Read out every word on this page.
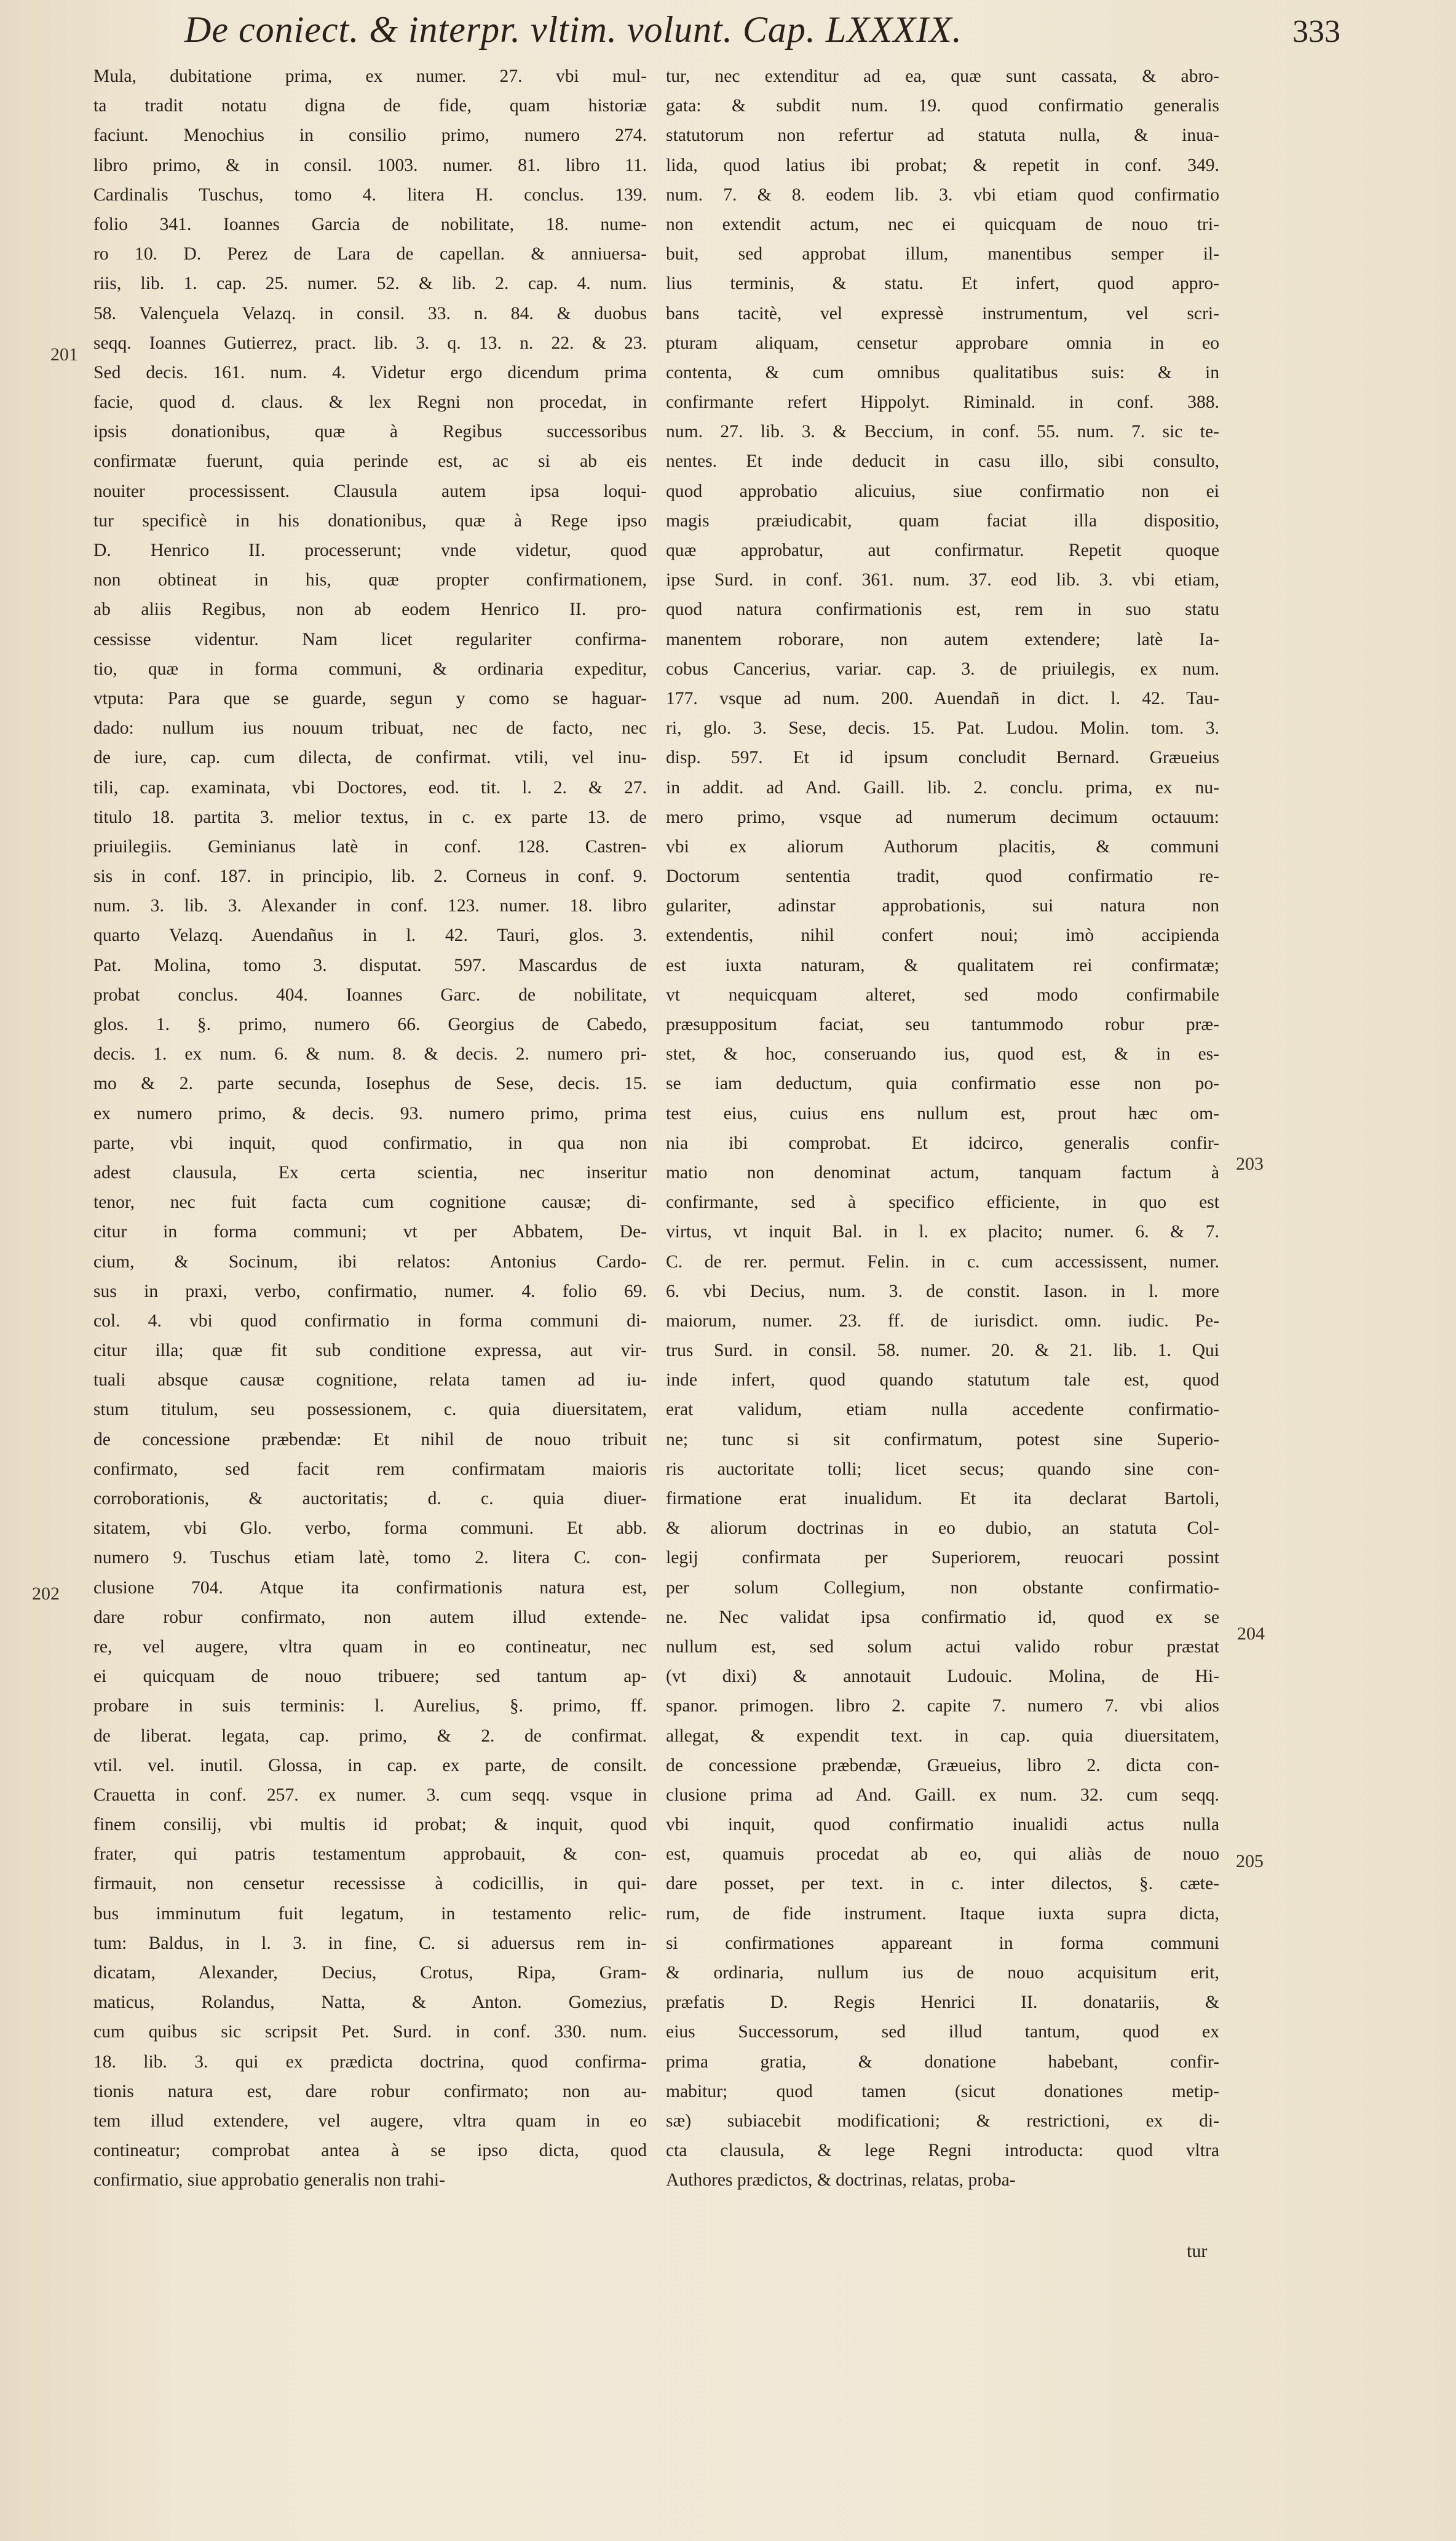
De coniect. & interpr. vltim. volunt. Cap. LXXXIX.	333
Mula, dubitatione prima, ex numer. 27. vbi mul-
ta tradit notatu digna de fide, quam historiæ
faciunt. Menochius in consilio primo, numero 274.
libro primo, & in consil. 1003. numer. 81. libro 11.
Cardinalis Tuschus, tomo 4. litera H. conclus. 139.
folio 341. Ioannes Garcia de nobilitate, 18. nume-
ro 10. D. Perez de Lara de capellan. & anniuersa-
riis, lib. 1. cap. 25. numer. 52. & lib. 2. cap. 4. num.
58. Valençuela Velazq. in consil. 33. n. 84. & duobus
seqq. Ioannes Gutierrez, pract. lib. 3. q. 13. n. 22. & 23.
Sed decis. 161. num. 4. Videtur ergo dicendum prima
facie, quod d. claus. & lex Regni non procedat, in
ipsis donationibus, quæ à Regibus successoribus
confirmatæ fuerunt, quia perinde est, ac si ab eis
nouiter processissent. Clausula autem ipsa loqui-
tur specificè in his donationibus, quæ à Rege ipso
D. Henrico II. processerunt; vnde videtur, quod
non obtineat in his, quæ propter confirmationem,
ab aliis Regibus, non ab eodem Henrico II. pro-
cessisse videntur. Nam licet regulariter confirma-
tio, quæ in forma communi, & ordinaria expeditur,
vtputa: Para que se guarde, segun y como se haguar-
dado: nullum ius nouum tribuat, nec de facto, nec
de iure, cap. cum dilecta, de confirmat. vtili, vel inu-
tili, cap. examinata, vbi Doctores, eod. tit. l. 2. & 27.
titulo 18. partita 3. melior textus, in c. ex parte 13. de
priuilegiis. Geminianus latè in conf. 128. Castren-
sis in conf. 187. in principio, lib. 2. Corneus in conf. 9.
num. 3. lib. 3. Alexander in conf. 123. numer. 18. libro
quarto Velazq. Auendañus in l. 42. Tauri, glos. 3.
Pat. Molina, tomo 3. disputat. 597. Mascardus de
probat conclus. 404. Ioannes Garc. de nobilitate,
glos. 1. §. primo, numero 66. Georgius de Cabedo,
decis. 1. ex num. 6. & num. 8. & decis. 2. numero pri-
mo & 2. parte secunda, Iosephus de Sese, decis. 15.
ex numero primo, & decis. 93. numero primo, prima
parte, vbi inquit, quod confirmatio, in qua non
adest clausula, Ex certa scientia, nec inseritur
tenor, nec fuit facta cum cognitione causæ; di-
citur in forma communi; vt per Abbatem, De-
cium, & Socinum, ibi relatos: Antonius Cardo-
sus in praxi, verbo, confirmatio, numer. 4. folio 69.
col. 4. vbi quod confirmatio in forma communi di-
citur illa; quæ fit sub conditione expressa, aut vir-
tuali absque causæ cognitione, relata tamen ad iu-
stum titulum, seu possessionem, c. quia diuersitatem,
de concessione præbendæ: Et nihil de nouo tribuit
confirmato, sed facit rem confirmatam maioris
corroborationis, & auctoritatis; d. c. quia diuer-
sitatem, vbi Glo. verbo, forma communi. Et abb.
numero 9. Tuschus etiam latè, tomo 2. litera C. con-
clusione 704. Atque ita confirmationis natura est,
dare robur confirmato, non autem illud extende-
re, vel augere, vltra quam in eo contineatur, nec
ei quicquam de nouo tribuere; sed tantum ap-
probare in suis terminis: l. Aurelius, §. primo, ff.
de liberat. legata, cap. primo, & 2. de confirmat.
vtil. vel. inutil. Glossa, in cap. ex parte, de consilt.
Crauetta in conf. 257. ex numer. 3. cum seqq. vsque in
finem consilij, vbi multis id probat; & inquit, quod
frater, qui patris testamentum approbauit, & con-
firmauit, non censetur recessisse à codicillis, in qui-
bus imminutum fuit legatum, in testamento relic-
tum: Baldus, in l. 3. in fine, C. si aduersus rem in-
dicatam, Alexander, Decius, Crotus, Ripa, Gram-
maticus, Rolandus, Natta, & Anton. Gomezius,
cum quibus sic scripsit Pet. Surd. in conf. 330. num.
18. lib. 3. qui ex prædicta doctrina, quod confirma-
tionis natura est, dare robur confirmato; non au-
tem illud extendere, vel augere, vltra quam in eo
contineatur; comprobat antea à se ipso dicta, quod
confirmatio, siue approbatio generalis non trahi-
tur, nec extenditur ad ea, quæ sunt cassata, & abro-
gata: & subdit num. 19. quod confirmatio generalis
statutorum non refertur ad statuta nulla, & inua-
lida, quod latius ibi probat; & repetit in conf. 349.
num. 7. & 8. eodem lib. 3. vbi etiam quod confirmatio
non extendit actum, nec ei quicquam de nouo tri-
buit, sed approbat illum, manentibus semper il-
lius terminis, & statu. Et infert, quod appro-
bans tacitè, vel expressè instrumentum, vel scri-
pturam aliquam, censetur approbare omnia in eo
contenta, & cum omnibus qualitatibus suis: & in
confirmante refert Hippolyt. Riminald. in conf. 388.
num. 27. lib. 3. & Beccium, in conf. 55. num. 7. sic te-
nentes. Et inde deducit in casu illo, sibi consulto,
quod approbatio alicuius, siue confirmatio non ei
magis præiudicabit, quam faciat illa dispositio,
quæ approbatur, aut confirmatur. Repetit quoque
ipse Surd. in conf. 361. num. 37. eod lib. 3. vbi etiam,
quod natura confirmationis est, rem in suo statu
manentem roborare, non autem extendere; latè Ia-
cobus Cancerius, variar. cap. 3. de priuilegis, ex num.
177. vsque ad num. 200. Auendañ in dict. l. 42. Tau-
ri, glo. 3. Sese, decis. 15. Pat. Ludou. Molin. tom. 3.
disp. 597. Et id ipsum concludit Bernard. Græueius
in addit. ad And. Gaill. lib. 2. conclu. prima, ex nu-
mero primo, vsque ad numerum decimum octauum:
vbi ex aliorum Authorum placitis, & communi
Doctorum sententia tradit, quod confirmatio re-
gulariter, adinstar approbationis, sui natura non
extendentis, nihil confert noui; imò accipienda
est iuxta naturam, & qualitatem rei confirmatæ;
vt nequicquam alteret, sed modo confirmabile
præsuppositum faciat, seu tantummodo robur præ-
stet, & hoc, conseruando ius, quod est, & in es-
se iam deductum, quia confirmatio esse non po-
test eius, cuius ens nullum est, prout hæc om-
nia ibi comprobat. Et idcirco, generalis confir-
matio non denominat actum, tanquam factum à
confirmante, sed à specifico efficiente, in quo est
virtus, vt inquit Bal. in l. ex placito; numer. 6. & 7.
C. de rer. permut. Felin. in c. cum accessissent, numer.
6. vbi Decius, num. 3. de constit. Iason. in l. more
maiorum, numer. 23. ff. de iurisdict. omn. iudic. Pe-
trus Surd. in consil. 58. numer. 20. & 21. lib. 1. Qui
inde infert, quod quando statutum tale est, quod
erat validum, etiam nulla accedente confirmatio-
ne; tunc si sit confirmatum, potest sine Superio-
ris auctoritate tolli; licet secus; quando sine con-
firmatione erat inualidum. Et ita declarat Bartoli,
& aliorum doctrinas in eo dubio, an statuta Col-
legij confirmata per Superiorem, reuocari possint
per solum Collegium, non obstante confirmatio-
ne. Nec validat ipsa confirmatio id, quod ex se
nullum est, sed solum actui valido robur præstat
(vt dixi) & annotauit Ludouic. Molina, de Hi-
spanor. primogen. libro 2. capite 7. numero 7. vbi alios
allegat, & expendit text. in cap. quia diuersitatem,
de concessione præbendæ, Græueius, libro 2. dicta con-
clusione prima ad And. Gaill. ex num. 32. cum seqq.
vbi inquit, quod confirmatio inualidi actus nulla
est, quamuis procedat ab eo, qui aliàs de nouo
dare posset, per text. in c. inter dilectos, §. cæte-
rum, de fide instrument. Itaque iuxta supra dicta,
si confirmationes appareant in forma communi
& ordinaria, nullum ius de nouo acquisitum erit,
præfatis D. Regis Henrici II. donatariis, &
eius Successorum, sed illud tantum, quod ex
prima gratia, & donatione habebant, confir-
mabitur; quod tamen (sicut donationes metip-
sæ) subiacebit modificationi; & restrictioni, ex di-
cta clausula, & lege Regni introducta: quod vltra
Authores prædictos, & doctrinas, relatas, proba-
201
202
203
204
205
tur
